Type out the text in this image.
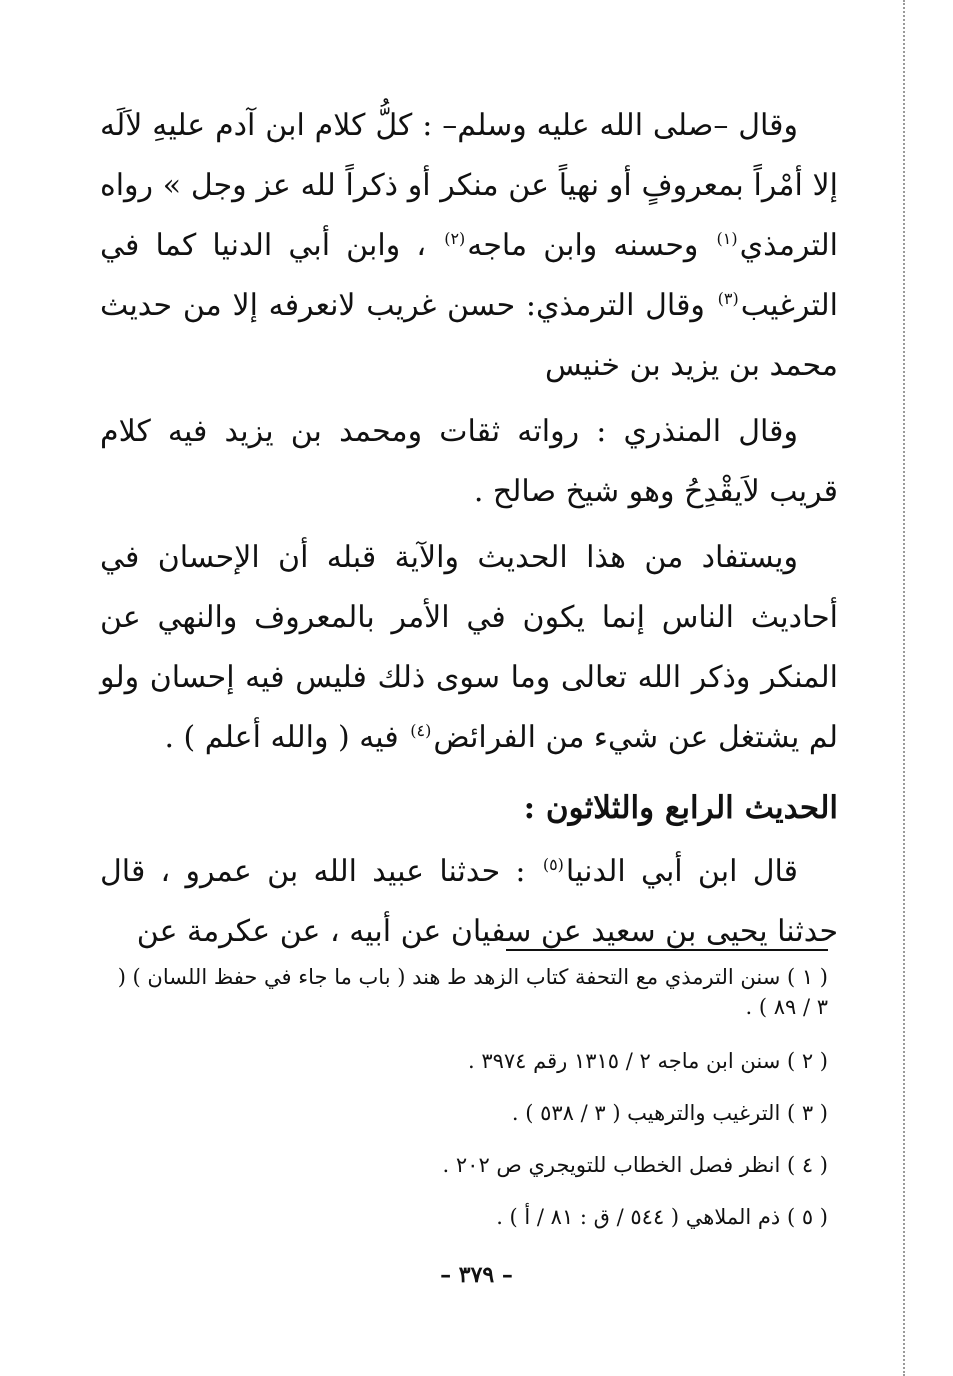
وقال –صلى الله عليه وسلم– : كلُّ كلام ابن آدم عليهِ لاَلَه إلا أمْراً بمعروفٍ أو نهياً عن منكر أو ذكراً لله عز وجل » رواه الترمذي$^{(١)}$ وحسنه وابن ماجه$^{(٢)}$ ، وابن أبي الدنيا كما في الترغيب$^{(٣)}$ وقال الترمذي: حسن غريب لانعرفه إلا من حديث محمد بن يزيد بن خنيس

وقال المنذري : رواته ثقات ومحمد بن يزيد فيه كلام قريب لاَيقْدِحُ وهو شيخ صالح .

ويستفاد من هذا الحديث والآية قبله أن الإحسان في أحاديث الناس إنما يكون في الأمر بالمعروف والنهي عن المنكر وذكر الله تعالى وما سوى ذلك فليس فيه إحسان ولو لم يشتغل عن شيء من الفرائض$^{(٤)}$ فيه ( والله أعلم ) .

الحديث الرابع والثلاثون :

قال ابن أبي الدنيا$^{(٥)}$ : حدثنا عبيد الله بن عمرو ، قال حدثنا يحيى بن سعيد عن سفيان عن أبيه ، عن عكرمة عن

( ١ ) سنن الترمذي مع التحفة كتاب الزهد ط هند ( باب ما جاء في حفظ اللسان ) ( ٣ / ٨٩ ) .
( ٢ ) سنن ابن ماجه ٢ / ١٣١٥ رقم ٣٩٧٤ .
( ٣ ) الترغيب والترهيب ( ٣ / ٥٣٨ ) .
( ٤ ) انظر فصل الخطاب للتويجري ص ٢٠٢ .
( ٥ ) ذم الملاهي ( ٥٤٤ / ق : ٨١ / أ ) .
– ٣٧٩ –
